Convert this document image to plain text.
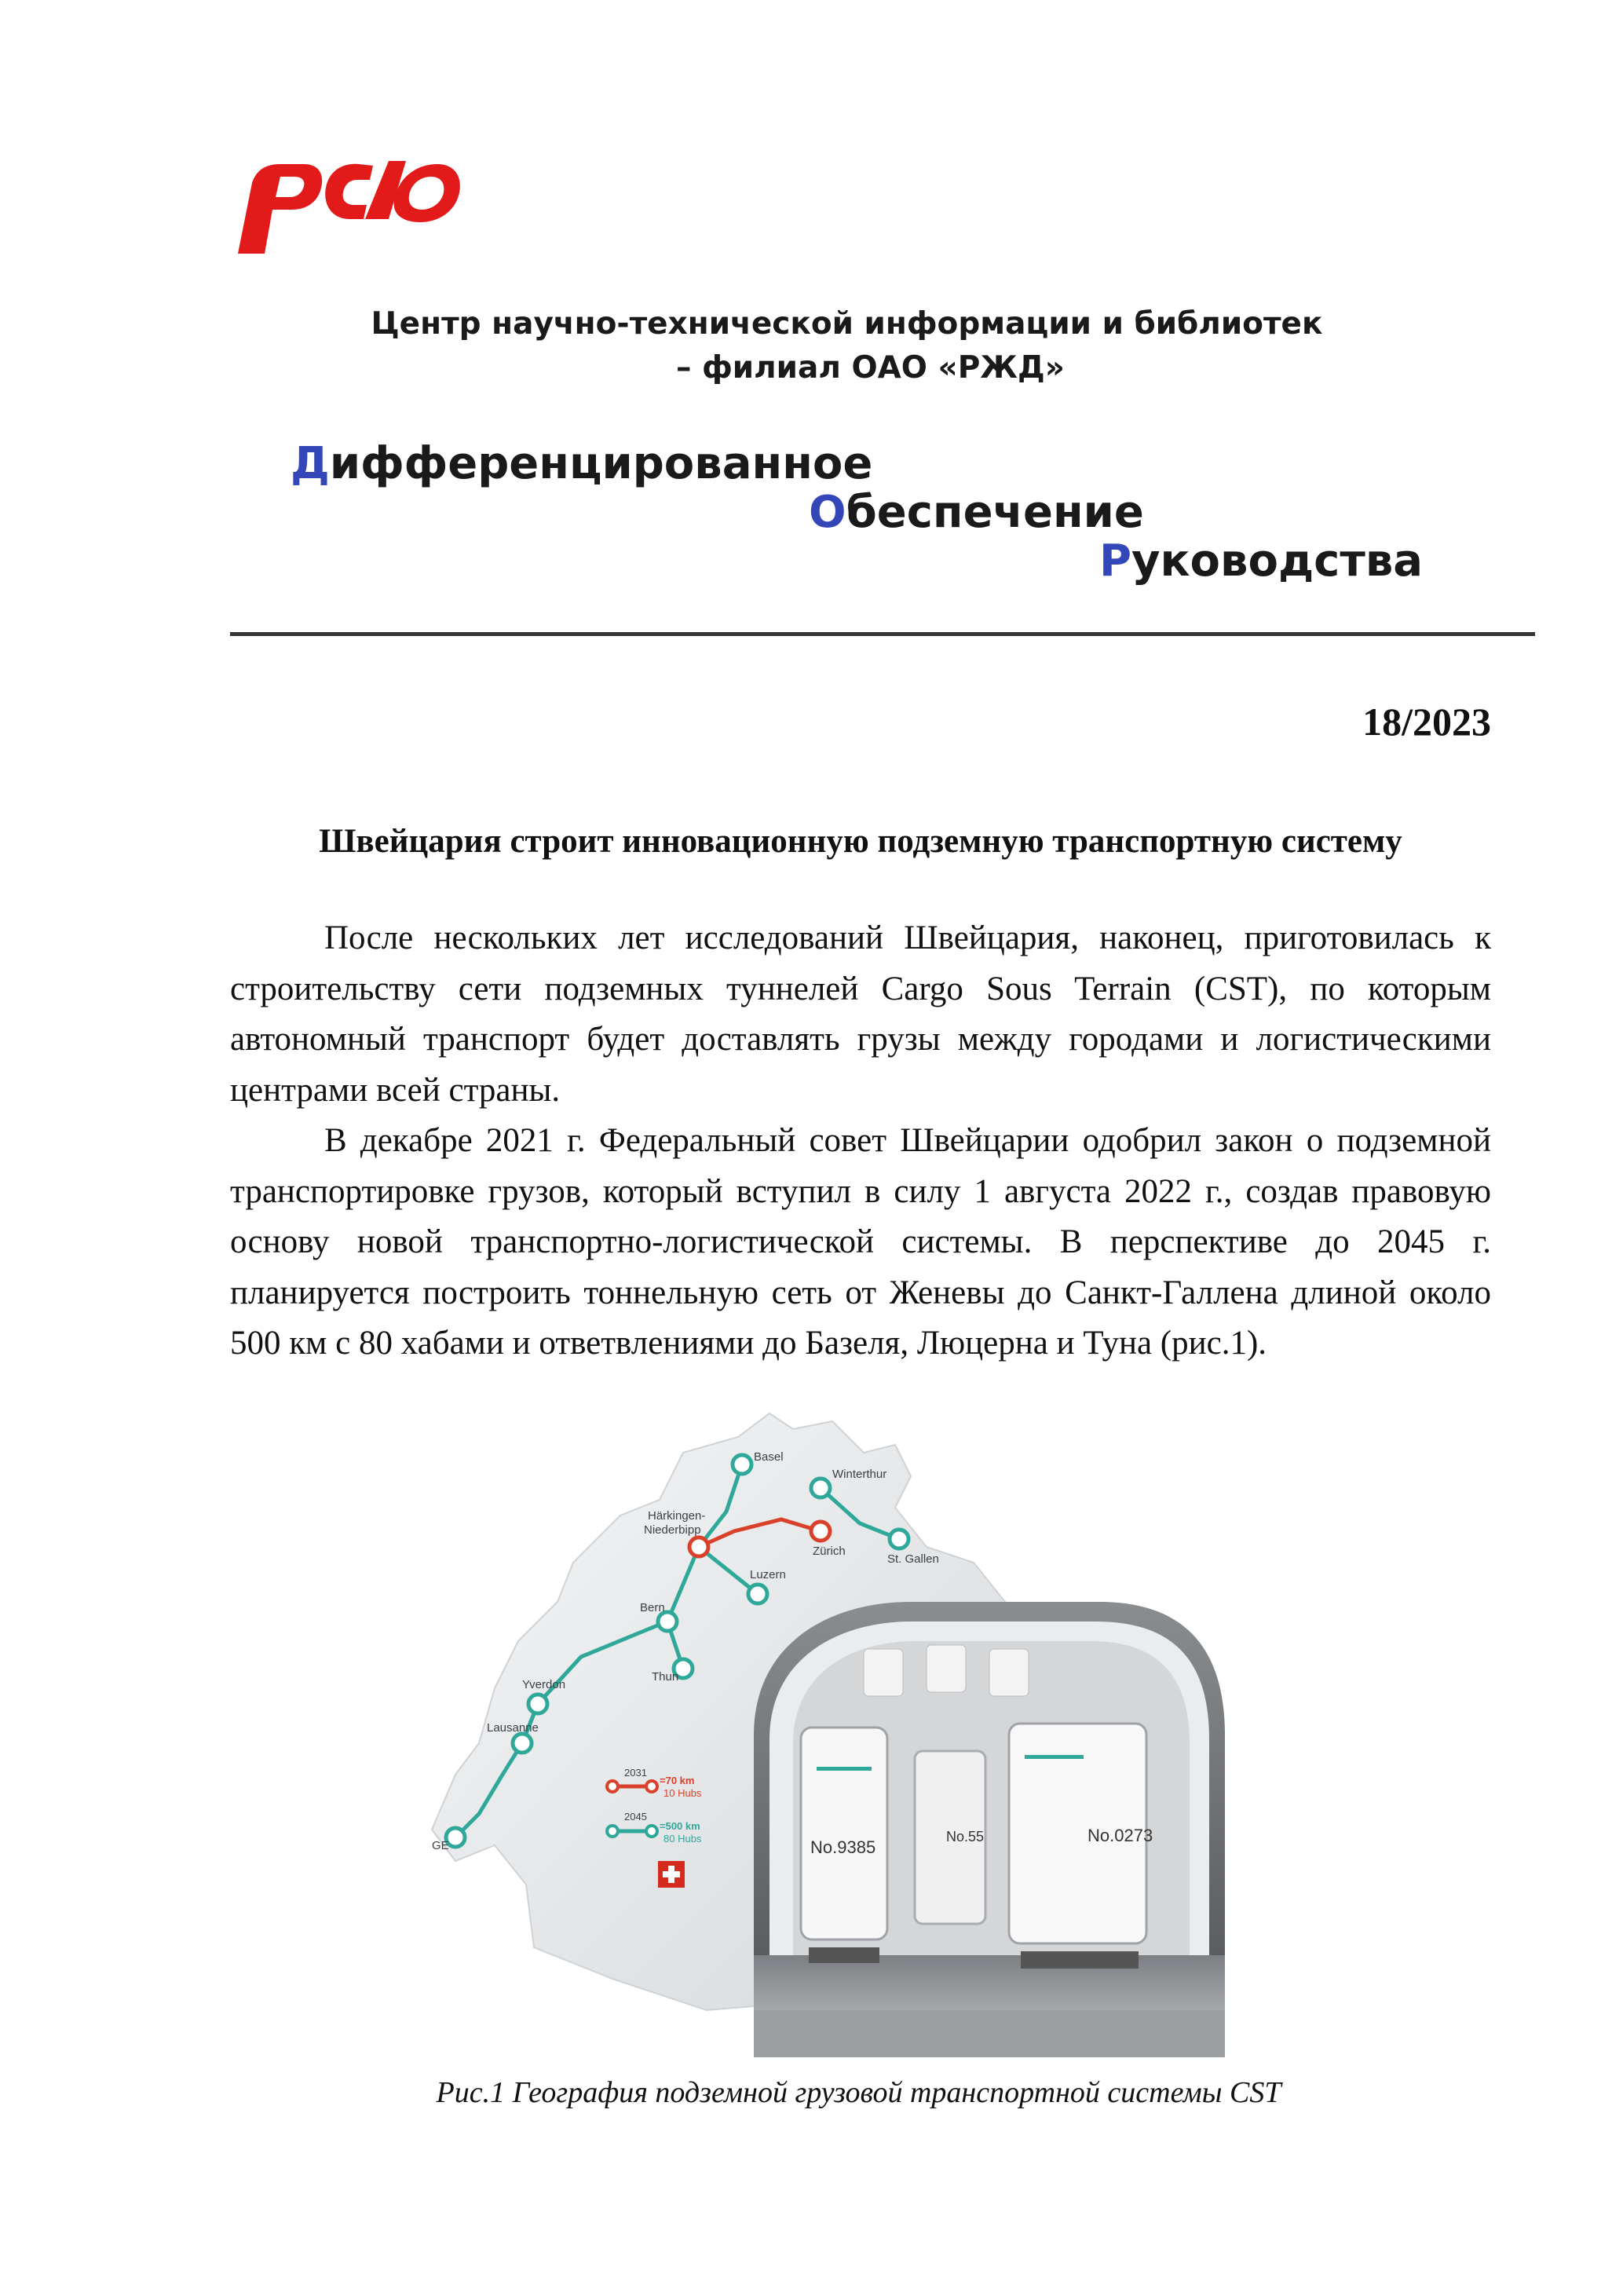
Центр научно-технической информации и библиотек
– филиал ОАО «РЖД»
Дифференцированное
Обеспечение
Руководства
18/2023
Швейцария строит инновационную подземную транспортную систему

После нескольких лет исследований Швейцария, наконец, приготовилась к строительству сети подземных туннелей Cargo Sous Terrain (CST), по которым автономный транспорт будет доставлять грузы между городами и логистическими центрами всей страны.

В декабре 2021 г. Федеральный совет Швейцарии одобрил закон о подземной транспортировке грузов, который вступил в силу 1 августа 2022 г., создав правовую основу новой транспортно-логистической системы. В перспективе до 2045 г. планируется построить тоннельную сеть от Женевы до Санкт-Галлена длиной около 500 км с 80 хабами и ответвлениями до Базеля, Люцерна и Туна (рис.1).

Basel
Winterthur
Härkingen-
Niederbipp
Zürich
St. Gallen
Luzern
Bern
Yverdon
Thun
Lausanne
GE
2031
=70 km
10 Hubs
2045
=500 km
80 Hubs	No.9385
No.55	No.0273
Рис.1 География подземной грузовой транспортной системы CST
